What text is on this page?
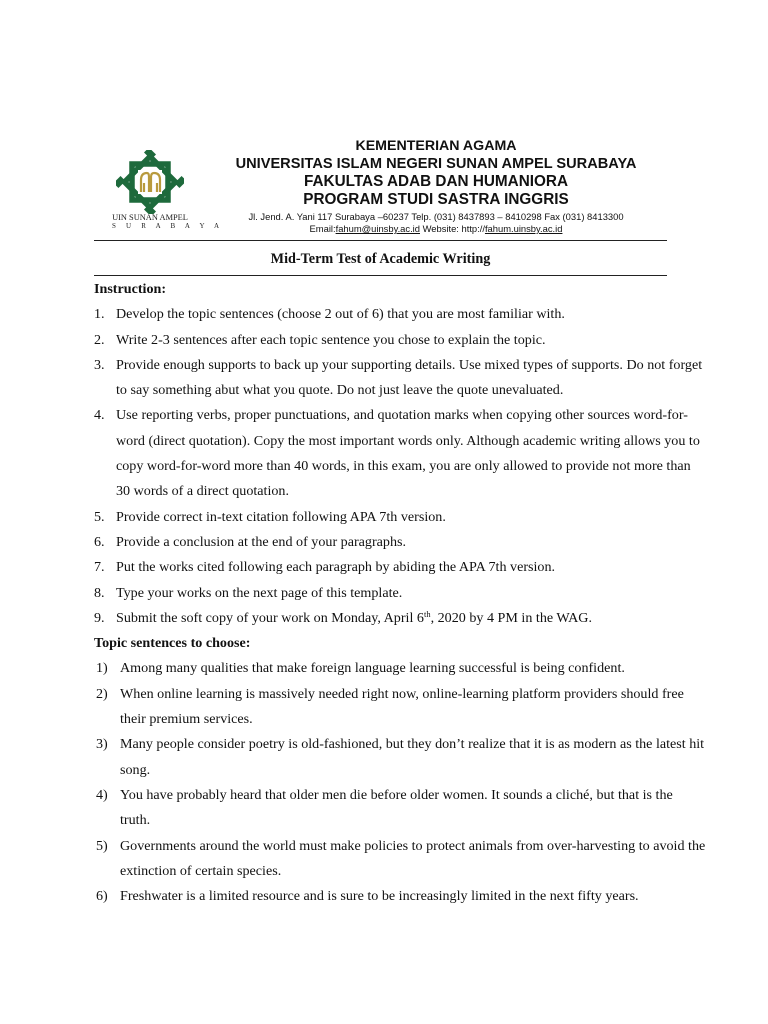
UIN SUNAN AMPEL
S U R A B A Y A
KEMENTERIAN AGAMA
UNIVERSITAS ISLAM NEGERI SUNAN AMPEL SURABAYA
FAKULTAS ADAB DAN HUMANIORA
PROGRAM STUDI SASTRA INGGRIS
Jl. Jend. A. Yani 117 Surabaya –60237 Telp. (031) 8437893 – 8410298 Fax (031) 8413300
Email:fahum@uinsby.ac.id Website: http://fahum.uinsby.ac.id
Mid-Term Test of Academic Writing
Instruction:
1. Develop the topic sentences (choose 2 out of 6) that you are most familiar with.
2. Write 2-3 sentences after each topic sentence you chose to explain the topic.
3. Provide enough supports to back up your supporting details. Use mixed types of supports. Do not forget to say something abut what you quote. Do not just leave the quote unevaluated.
4. Use reporting verbs, proper punctuations, and quotation marks when copying other sources word-for-word (direct quotation). Copy the most important words only. Although academic writing allows you to copy word-for-word more than 40 words, in this exam, you are only allowed to provide not more than 30 words of a direct quotation.
5. Provide correct in-text citation following APA 7th version.
6. Provide a conclusion at the end of your paragraphs.
7. Put the works cited following each paragraph by abiding the APA 7th version.
8. Type your works on the next page of this template.
9. Submit the soft copy of your work on Monday, April 6th, 2020 by 4 PM in the WAG.
Topic sentences to choose:
1) Among many qualities that make foreign language learning successful is being confident.
2) When online learning is massively needed right now, online-learning platform providers should free their premium services.
3) Many people consider poetry is old-fashioned, but they don’t realize that it is as modern as the latest hit song.
4) You have probably heard that older men die before older women. It sounds a cliché, but that is the truth.
5) Governments around the world must make policies to protect animals from over-harvesting to avoid the extinction of certain species.
6) Freshwater is a limited resource and is sure to be increasingly limited in the next fifty years.
